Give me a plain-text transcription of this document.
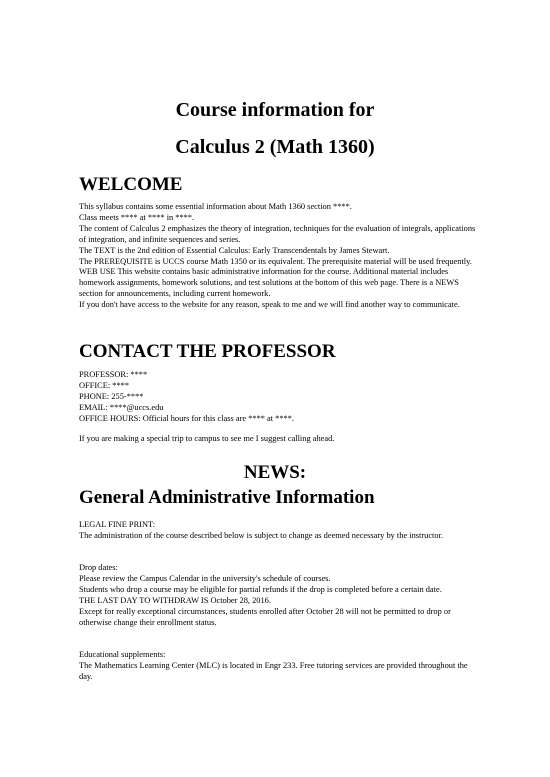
Course information for
Calculus 2 (Math 1360)
WELCOME

This syllabus contains some essential information about Math 1360 section ****.

Class meets **** at **** in ****.

The content of Calculus 2 emphasizes the theory of integration, techniques for the evaluation of integrals, applications of integration, and infinite sequences and series.

The TEXT is the 2nd edition of Essential Calculus: Early Transcendentals by James Stewart.

The PREREQUISITE is UCCS course Math 1350 or its equivalent. The prerequisite material will be used frequently.

WEB USE This website contains basic administrative information for the course. Additional material includes homework assignments, homework solutions, and test solutions at the bottom of this web page. There is a NEWS section for announcements, including current homework.

If you don't have access to the website for any reason, speak to me and we will find another way to communicate.

CONTACT THE PROFESSOR

PROFESSOR: ****

OFFICE: ****

PHONE: 255-****

EMAIL: ****@uccs.edu

OFFICE HOURS: Official hours for this class are **** at ****.

If you are making a special trip to campus to see me I suggest calling ahead.
NEWS:
General Administrative Information

LEGAL FINE PRINT:

The administration of the course described below is subject to change as deemed necessary by the instructor.

Drop dates:

Please review the Campus Calendar in the university's schedule of courses.

Students who drop a course may be eligible for partial refunds if the drop is completed before a certain date.

THE LAST DAY TO WITHDRAW IS October 28, 2016.

Except for really exceptional circumstances, students enrolled after October 28 will not be permitted to drop or otherwise change their enrollment status.

Educational supplements:

The Mathematics Learning Center (MLC) is located in Engr 233. Free tutoring services are provided throughout the day.
